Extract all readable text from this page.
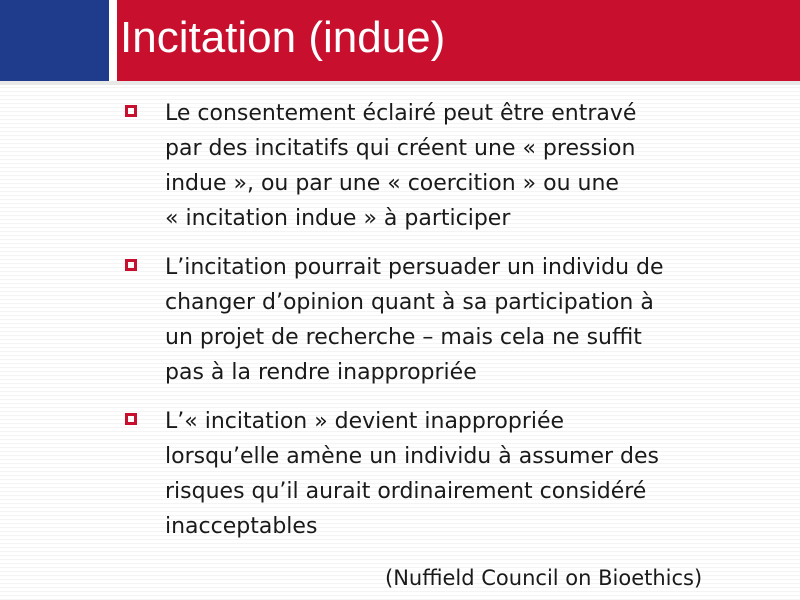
Incitation (indue)
Le consentement éclairé peut être entravé
par des incitatifs qui créent une « pression
indue », ou par une « coercition » ou une
« incitation indue » à participer
L’incitation pourrait persuader un individu de
changer d’opinion quant à sa participation à
un projet de recherche – mais cela ne suffit
pas à la rendre inappropriée
L’« incitation » devient inappropriée
lorsqu’elle amène un individu à assumer des
risques qu’il aurait ordinairement considéré
inacceptables
(Nuffield Council on Bioethics)
